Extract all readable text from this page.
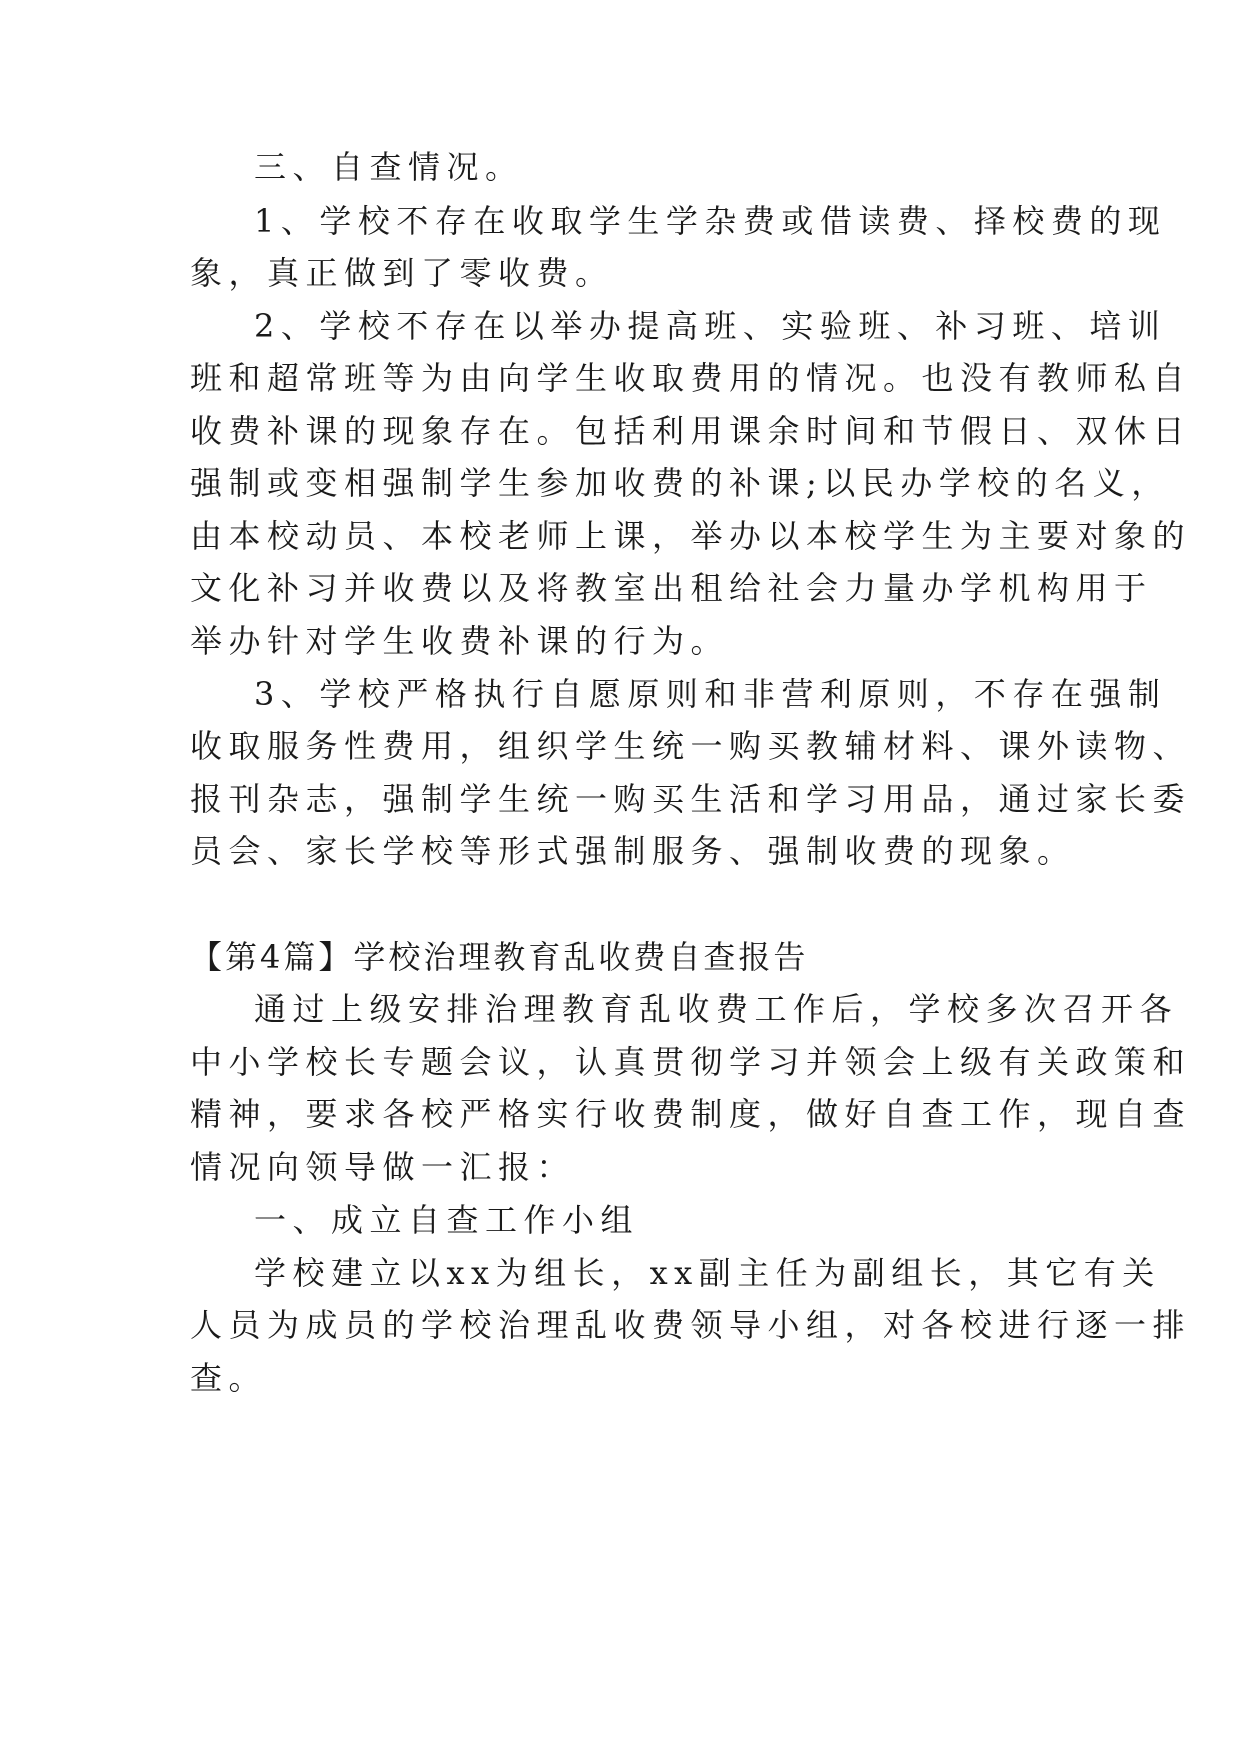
三、自查情况。
1、学校不存在收取学生学杂费或借读费、择校费的现
象，真正做到了零收费。
2、学校不存在以举办提高班、实验班、补习班、培训
班和超常班等为由向学生收取费用的情况。也没有教师私自
收费补课的现象存在。包括利用课余时间和节假日、双休日
强制或变相强制学生参加收费的补课;以民办学校的名义，
由本校动员、本校老师上课，举办以本校学生为主要对象的
文化补习并收费以及将教室出租给社会力量办学机构用于
举办针对学生收费补课的行为。
3、学校严格执行自愿原则和非营利原则，不存在强制
收取服务性费用，组织学生统一购买教辅材料、课外读物、
报刊杂志，强制学生统一购买生活和学习用品，通过家长委
员会、家长学校等形式强制服务、强制收费的现象。
【第4篇】学校治理教育乱收费自查报告
通过上级安排治理教育乱收费工作后，学校多次召开各
中小学校长专题会议，认真贯彻学习并领会上级有关政策和
精神，要求各校严格实行收费制度，做好自查工作，现自查
情况向领导做一汇报：
一、成立自查工作小组
学校建立以xx为组长，xx副主任为副组长，其它有关
人员为成员的学校治理乱收费领导小组，对各校进行逐一排
查。
